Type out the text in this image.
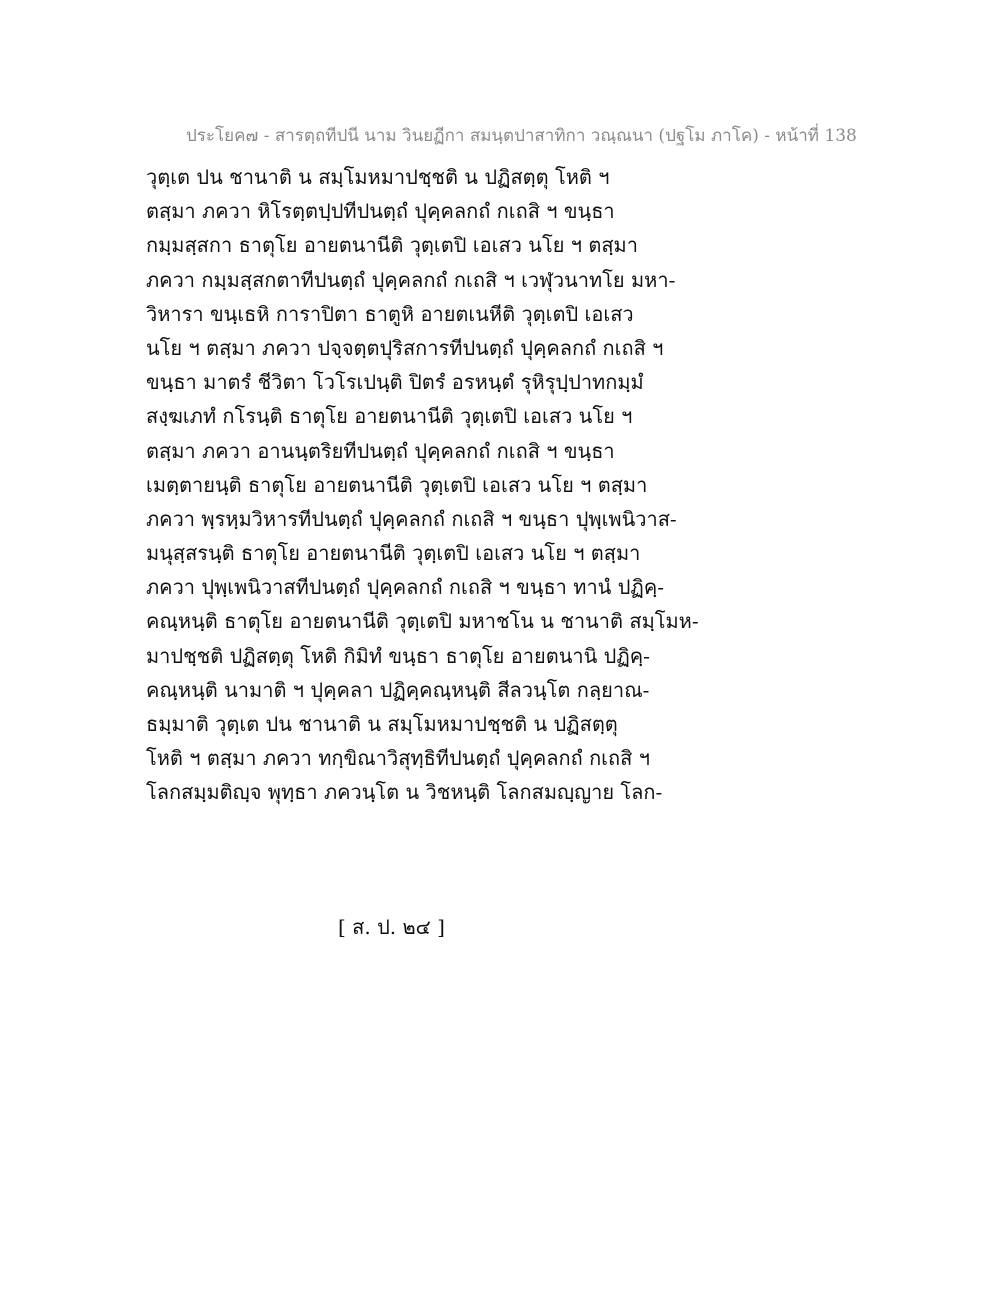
ประโยค๗ - สารตฺถทีปนี นาม วินยฏีกา สมนฺตปาสาทิกา วณฺณนา (ปฐโม ภาโค) - หน้าที่ 138
วุตฺเต ปน ชานาติ น สมฺโมหมาปชฺชติ น ปฏิสตฺตุ โหติ ฯ
ตสฺมา ภควา หิโรตฺตปฺปทีปนตฺถํ ปุคฺคลกถํ กเถสิ ฯ ขนฺธา
กมฺมสฺสกา ธาตุโย อายตนานีติ วุตฺเตปิ เอเสว นโย ฯ ตสฺมา
ภควา กมฺมสฺสกตาทีปนตฺถํ ปุคฺคลกถํ กเถสิ ฯ เวฬุวนาทโย มหา-
วิหารา ขนฺเธหิ การาปิตา ธาตูหิ อายตเนหีติ วุตฺเตปิ เอเสว
นโย ฯ ตสฺมา ภควา ปจฺจตฺตปุริสการทีปนตฺถํ ปุคฺคลกถํ กเถสิ ฯ
ขนฺธา มาตรํ ชีวิตา โวโรเปนฺติ ปิตรํ อรหนฺตํ รุหิรุปฺปาทกมฺมํ
สงฺฆเภทํ กโรนฺติ ธาตุโย อายตนานีติ วุตฺเตปิ เอเสว นโย ฯ
ตสฺมา ภควา อานนฺตริยทีปนตฺถํ ปุคฺคลกถํ กเถสิ ฯ ขนฺธา
เมตฺตายนฺติ ธาตุโย อายตนานีติ วุตฺเตปิ เอเสว นโย ฯ ตสฺมา
ภควา พฺรหฺมวิหารทีปนตฺถํ ปุคฺคลกถํ กเถสิ ฯ ขนฺธา ปุพฺเพนิวาส-
มนุสฺสรนฺติ ธาตุโย อายตนานีติ วุตฺเตปิ เอเสว นโย ฯ ตสฺมา
ภควา ปุพฺเพนิวาสทีปนตฺถํ ปุคฺคลกถํ กเถสิ ฯ ขนฺธา ทานํ ปฏิคฺ-
คณฺหนฺติ ธาตุโย อายตนานีติ วุตฺเตปิ มหาชโน น ชานาติ สมฺโมห-
มาปชฺชติ ปฏิสตฺตุ โหติ กิมิทํ ขนฺธา ธาตุโย อายตนานิ ปฏิคฺ-
คณฺหนฺติ นามาติ ฯ ปุคฺคลา ปฏิคฺคณฺหนฺติ สีลวนฺโต กลฺยาณ-
ธมฺมาติ วุตฺเต ปน ชานาติ น สมฺโมหมาปชฺชติ น ปฏิสตฺตุ
โหติ ฯ ตสฺมา ภควา ทกฺขิณาวิสุทฺธิทีปนตฺถํ ปุคฺคลกถํ กเถสิ ฯ
โลกสมฺมติญฺจ พุทฺธา ภควนฺโต น วิชหนฺติ โลกสมญฺญาย โลก-
[ ส. ป. ๒๔ ]
